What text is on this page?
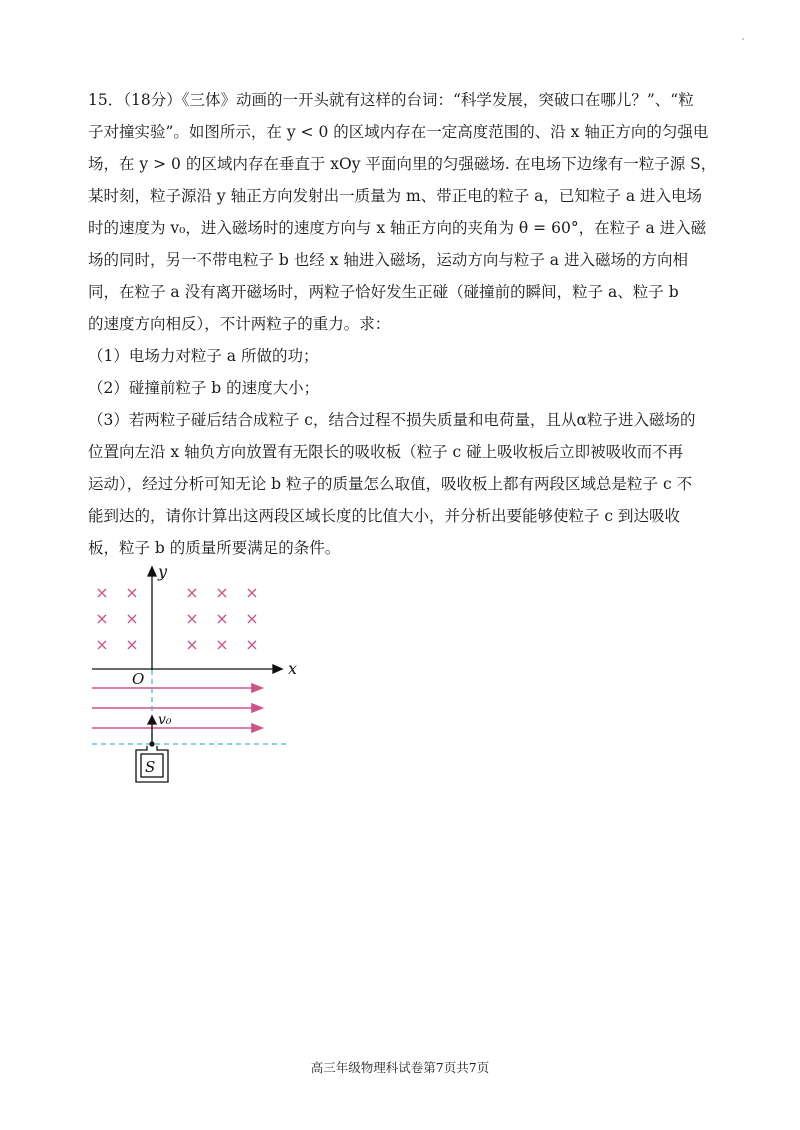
15．（18分）《三体》动画的一开头就有这样的台词：“科学发展，突破口在哪儿？”、“粒

子对撞实验”。如图所示，在 y < 0 的区域内存在一定高度范围的、沿 x 轴正方向的匀强电

场，在 y > 0 的区域内存在垂直于 xOy 平面向里的匀强磁场. 在电场下边缘有一粒子源 S，

某时刻，粒子源沿 y 轴正方向发射出一质量为 m、带正电的粒子 a，已知粒子 a 进入电场

时的速度为 v₀，进入磁场时的速度方向与 x 轴正方向的夹角为 θ = 60°，在粒子 a 进入磁

场的同时，另一不带电粒子 b 也经 x 轴进入磁场，运动方向与粒子 a 进入磁场的方向相

同，在粒子 a 没有离开磁场时，两粒子恰好发生正碰（碰撞前的瞬间，粒子 a、粒子 b

的速度方向相反），不计两粒子的重力。求：

（1）电场力对粒子 a 所做的功；

（2）碰撞前粒子 b 的速度大小；

（3）若两粒子碰后结合成粒子 c，结合过程不损失质量和电荷量，且从α粒子进入磁场的

位置向左沿 x 轴负方向放置有无限长的吸收板（粒子 c 碰上吸收板后立即被吸收而不再

运动），经过分析可知无论 b 粒子的质量怎么取值，吸收板上都有两段区域总是粒子 c 不

能到达的，请你计算出这两段区域长度的比值大小，并分析出要能够使粒子 c 到达吸收

板，粒子 b 的质量所要满足的条件。

× ×	× × ×
× ×	× × ×
× ×	× × ×
y
x
O
v₀
S
高三年级物理科试卷第7页共7页
